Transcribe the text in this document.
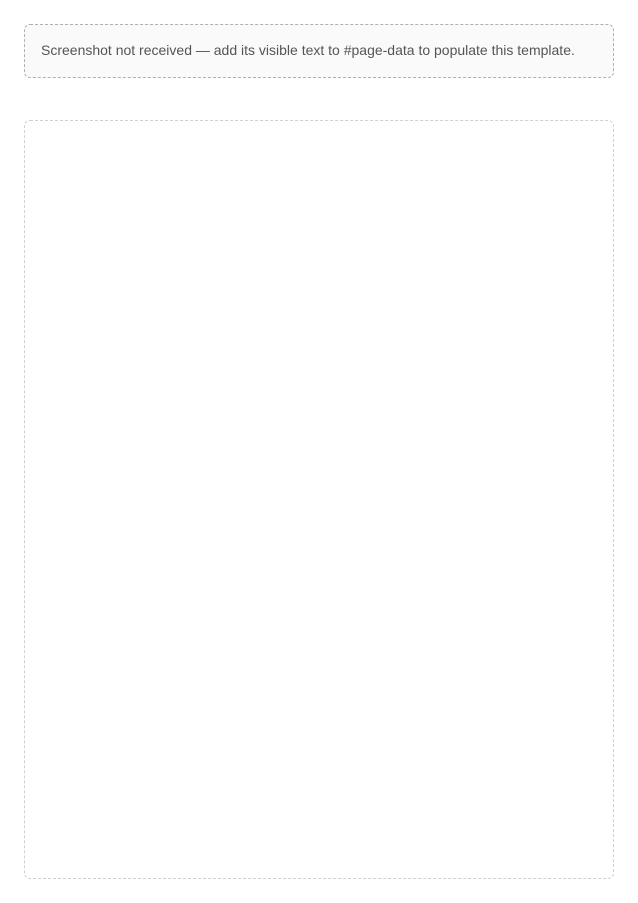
Screenshot not received — add its visible text to #page-data to populate this template.
